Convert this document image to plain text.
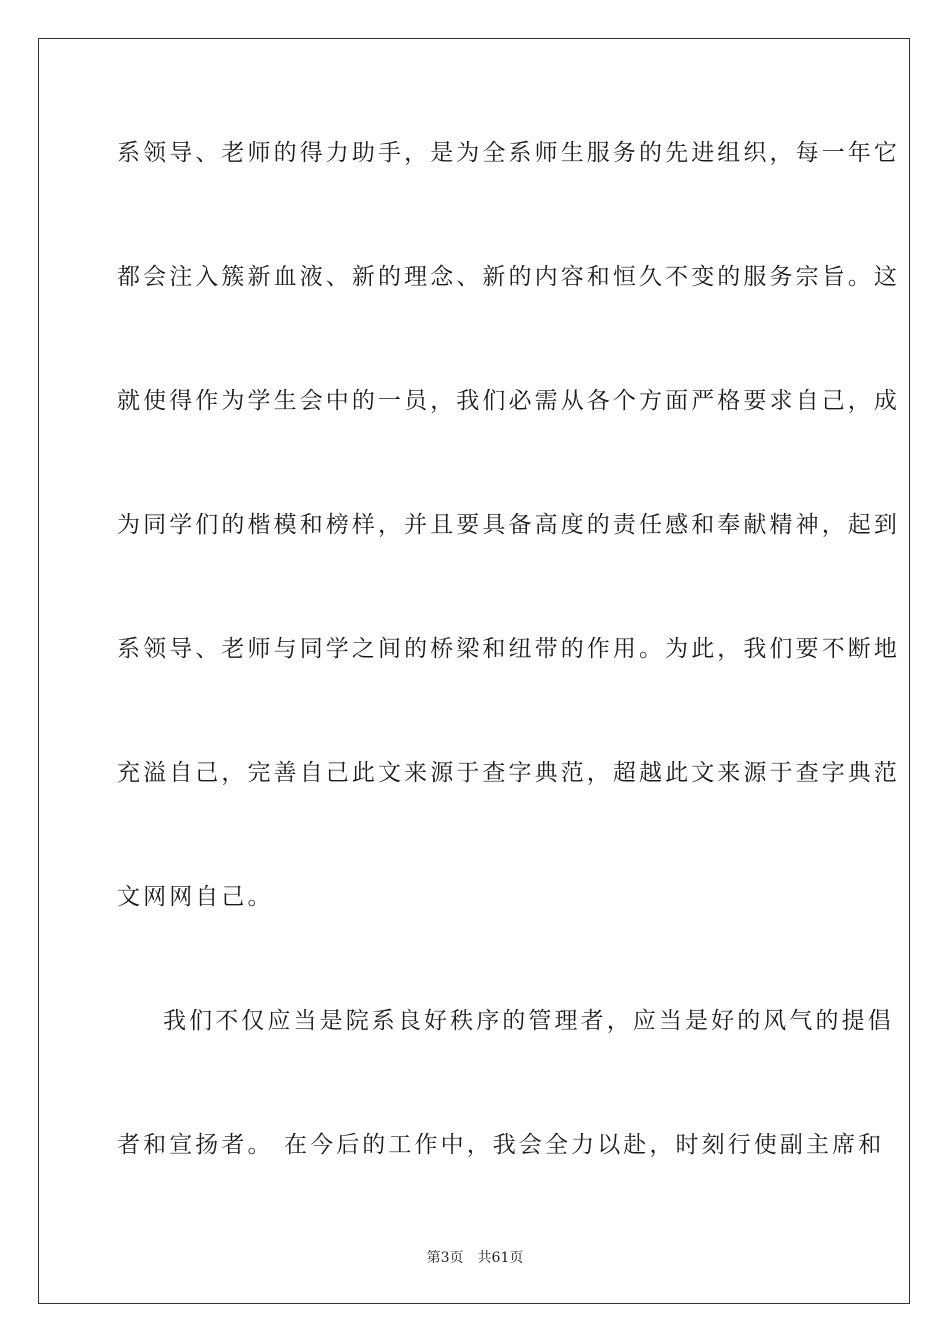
系领导、老师的得力助手，是为全系师生服务的先进组织，每一年它
都会注入簇新血液、新的理念、新的内容和恒久不变的服务宗旨。这
就使得作为学生会中的一员，我们必需从各个方面严格要求自己，成
为同学们的楷模和榜样，并且要具备高度的责任感和奉献精神，起到
系领导、老师与同学之间的桥梁和纽带的作用。为此，我们要不断地
充溢自己，完善自己此文来源于查字典范，超越此文来源于查字典范
文网网自己。
我们不仅应当是院系良好秩序的管理者，应当是好的风气的提倡
者和宣扬者。 在今后的工作中，我会全力以赴，时刻行使副主席和
第3页 共61页
